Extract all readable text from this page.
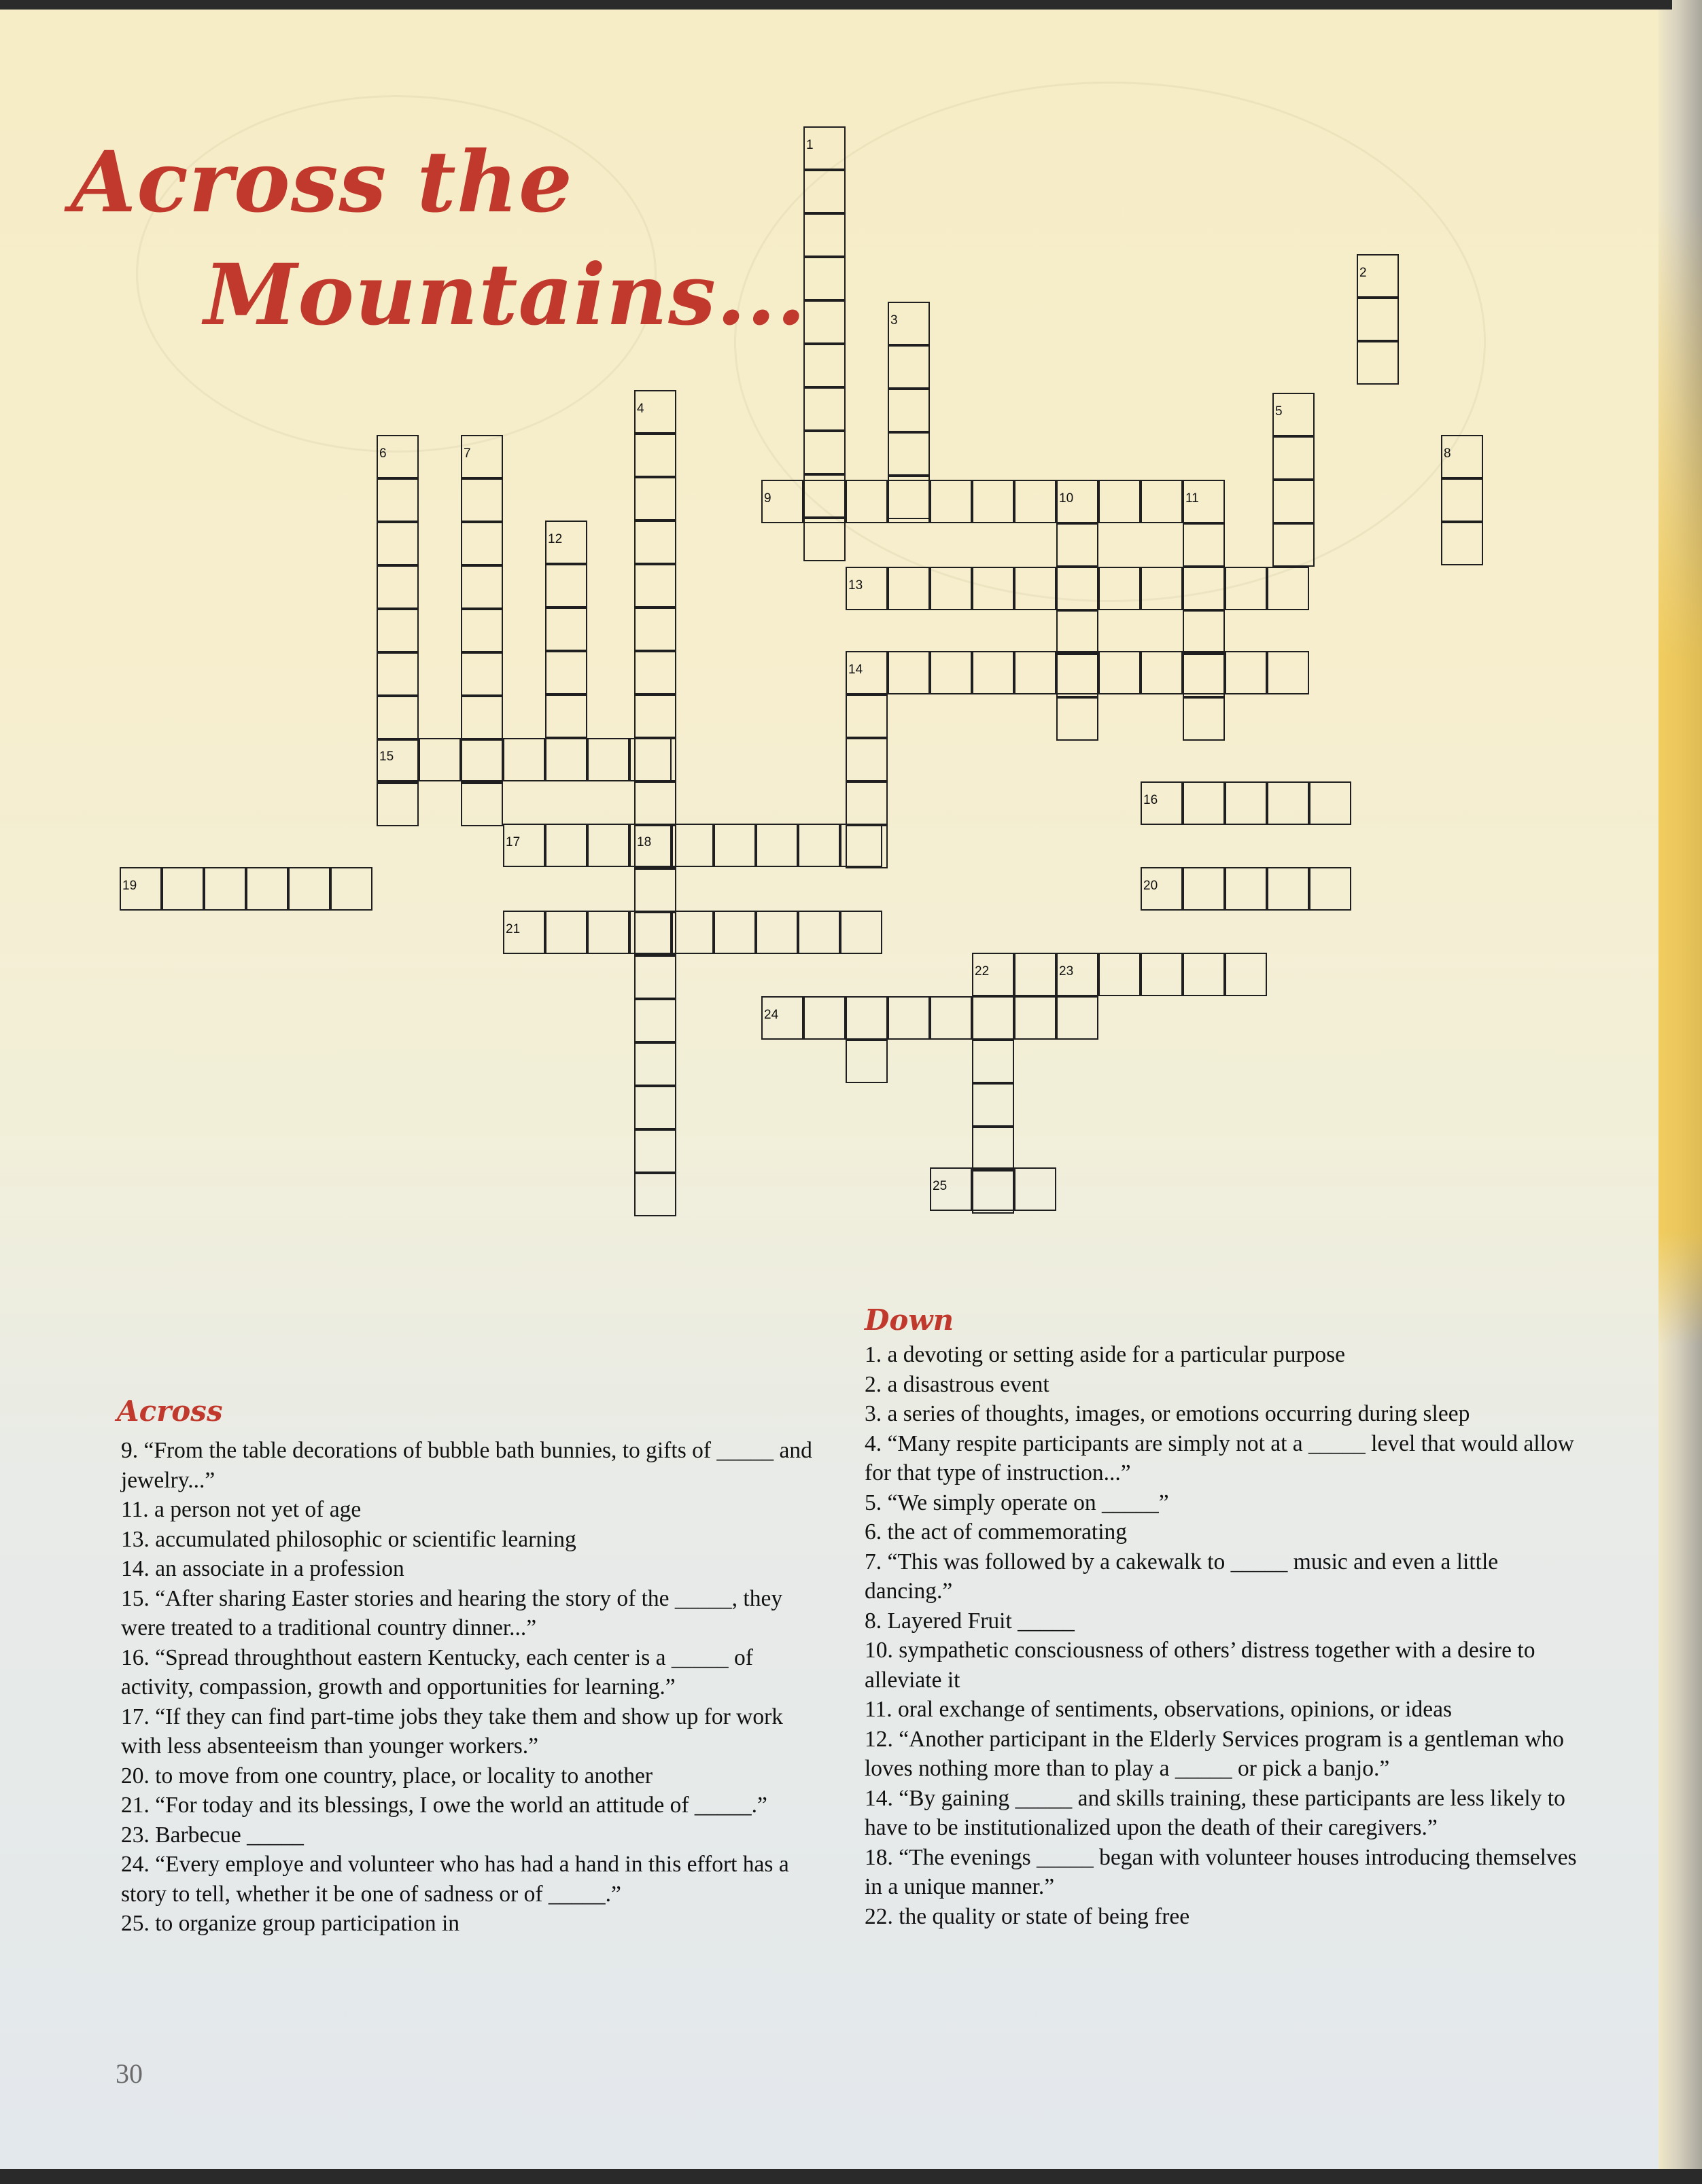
Across the
Mountains...
1
2
3
4	5
6	7	8
9	10	11
12
13
14
15
16
17	18
19	20
21
22	23
24
25
Across
9. “From the table decorations of bubble bath bunnies, to gifts of _____ and jewelry...”
11. a person not yet of age
13. accumulated philosophic or scientific learning
14. an associate in a profession
15. “After sharing Easter stories and hearing the story of the _____, they were treated to a traditional country dinner...”
16. “Spread throughthout eastern Kentucky, each center is a _____ of activity, compassion, growth and opportunities for learning.”
17. “If they can find part-time jobs they take them and show up for work with less absenteeism than younger workers.”
20. to move from one country, place, or locality to another
21. “For today and its blessings, I owe the world an attitude of _____.”
23. Barbecue _____
24. “Every employe and volunteer who has had a hand in this effort has a story to tell, whether it be one of sadness or of _____.”
25. to organize group participation in
Down
1. a devoting or setting aside for a particular purpose
2. a disastrous event
3. a series of thoughts, images, or emotions occurring during sleep
4. “Many respite participants are simply not at a _____ level that would allow for that type of instruction...”
5. “We simply operate on _____”
6. the act of commemorating
7. “This was followed by a cakewalk to _____ music and even a little dancing.”
8. Layered Fruit _____
10. sympathetic consciousness of others’ distress together with a desire to alleviate it
11. oral exchange of sentiments, observations, opinions, or ideas
12. “Another participant in the Elderly Services program is a gentleman who loves nothing more than to play a _____ or pick a banjo.”
14. “By gaining _____ and skills training, these participants are less likely to have to be institutionalized upon the death of their caregivers.”
18. “The evenings _____ began with volunteer houses introducing themselves in a unique manner.”
22. the quality or state of being free
30
